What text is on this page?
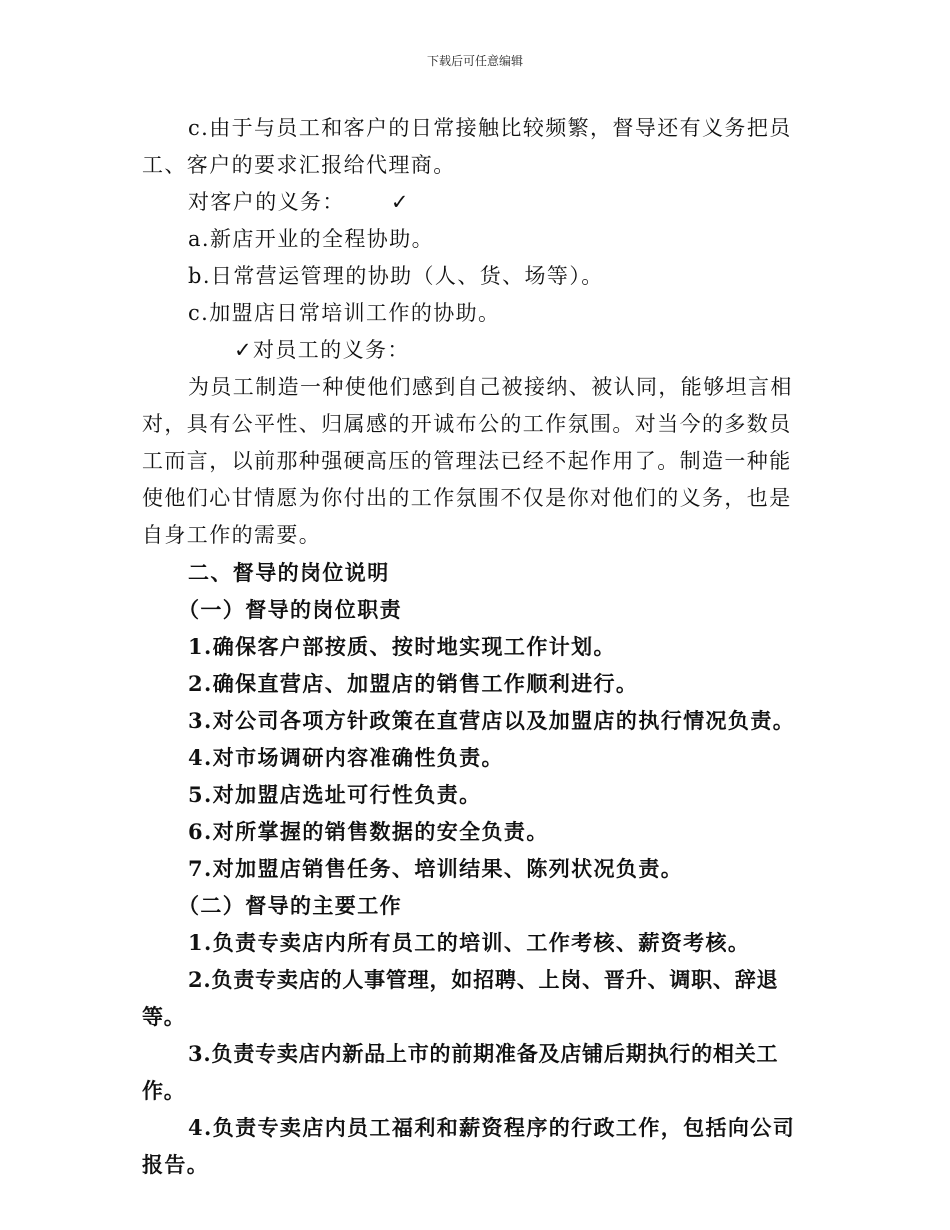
下载后可任意编辑

c.由于与员工和客户的日常接触比较频繁，督导还有义务把员工、客户的要求汇报给代理商。

对客户的义务： ✓

a.新店开业的全程协助。

b.日常营运管理的协助（人、货、场等）。

c.加盟店日常培训工作的协助。

✓对员工的义务：

为员工制造一种使他们感到自己被接纳、被认同，能够坦言相对，具有公平性、归属感的开诚布公的工作氛围。对当今的多数员工而言，以前那种强硬高压的管理法已经不起作用了。制造一种能使他们心甘情愿为你付出的工作氛围不仅是你对他们的义务，也是自身工作的需要。

二、督导的岗位说明

（一）督导的岗位职责

1.确保客户部按质、按时地实现工作计划。

2.确保直营店、加盟店的销售工作顺利进行。

3.对公司各项方针政策在直营店以及加盟店的执行情况负责。

4.对市场调研内容准确性负责。

5.对加盟店选址可行性负责。

6.对所掌握的销售数据的安全负责。

7.对加盟店销售任务、培训结果、陈列状况负责。

（二）督导的主要工作

1.负责专卖店内所有员工的培训、工作考核、薪资考核。

2.负责专卖店的人事管理，如招聘、上岗、晋升、调职、辞退等。

3.负责专卖店内新品上市的前期准备及店铺后期执行的相关工作。

4.负责专卖店内员工福利和薪资程序的行政工作，包括向公司报告。
